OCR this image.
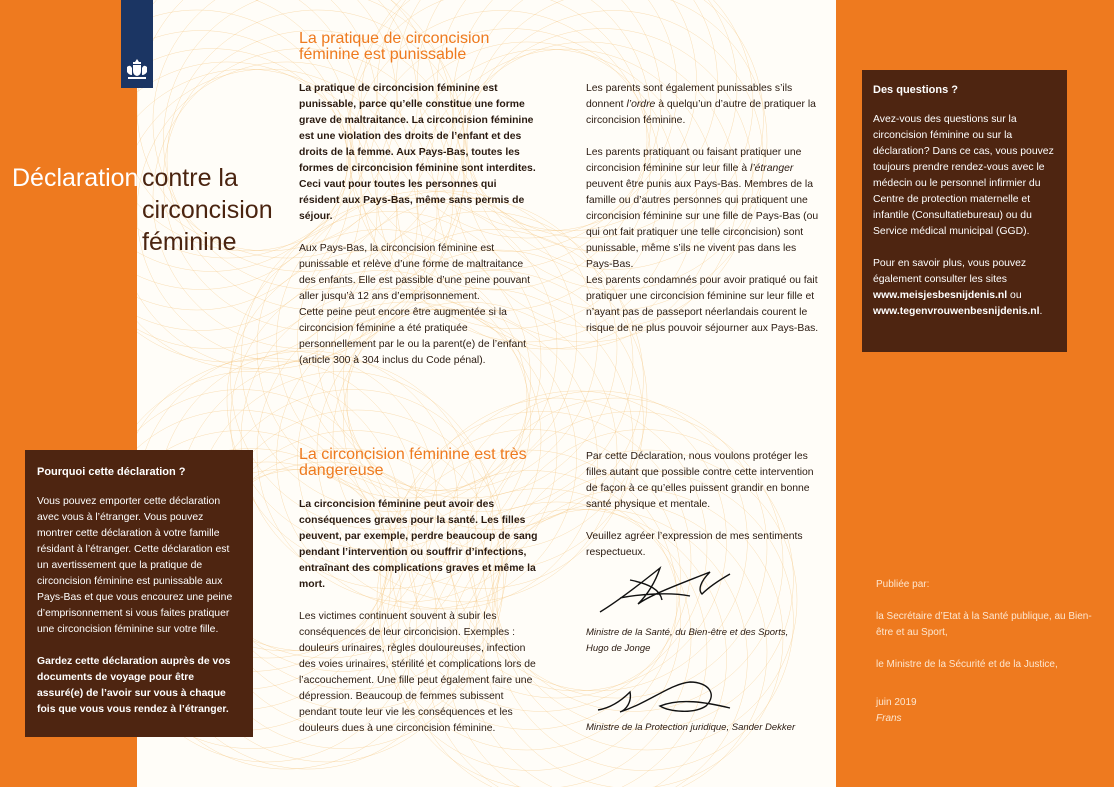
Déclaration contre la circoncision féminine
La pratique de circoncision féminine est punissable

La pratique de circoncision féminine est punissable, parce qu’elle constitue une forme grave de maltraitance. La circoncision féminine est une violation des droits de l’enfant et des droits de la femme. Aux Pays-Bas, toutes les formes de circoncision féminine sont interdites. Ceci vaut pour toutes les personnes qui résident aux Pays-Bas, même sans permis de séjour.

Aux Pays-Bas, la circoncision féminine est punissable et relève d’une forme de maltraitance des enfants. Elle est passible d’une peine pouvant aller jusqu’à 12 ans d’emprisonnement.

Cette peine peut encore être augmentée si la circoncision féminine a été pratiquée personnellement par le ou la parent(e) de l’enfant (article 300 à 304 inclus du Code pénal).

Les parents sont également punissables s’ils donnent l’ordre à quelqu’un d’autre de pratiquer la circoncision féminine.

Les parents pratiquant ou faisant pratiquer une circoncision féminine sur leur fille à l’étranger peuvent être punis aux Pays-Bas. Membres de la famille ou d’autres personnes qui pratiquent une circoncision féminine sur une fille de Pays-Bas (ou qui ont fait pratiquer une telle circoncision) sont punissable, même s’ils ne vivent pas dans les Pays-Bas.

Les parents condamnés pour avoir pratiqué ou fait pratiquer une circoncision féminine sur leur fille et n’ayant pas de passeport néerlandais courent le risque de ne plus pouvoir séjourner aux Pays-Bas.

La circoncision féminine est très dangereuse

La circoncision féminine peut avoir des conséquences graves pour la santé. Les filles peuvent, par exemple, perdre beaucoup de sang pendant l’intervention ou souffrir d’infections, entraînant des complications graves et même la mort.

Les victimes continuent souvent à subir les conséquences de leur circoncision. Exemples : douleurs urinaires, règles douloureuses, infection des voies urinaires, stérilité et complications lors de l’accouchement. Une fille peut également faire une dépression. Beaucoup de femmes subissent pendant toute leur vie les conséquences et les douleurs dues à une circoncision féminine.

Par cette Déclaration, nous voulons protéger les filles autant que possible contre cette intervention de façon à ce qu’elles puissent grandir en bonne santé physique et mentale.

Veuillez agréer l’expression de mes sentiments respectueux.

Ministre de la Santé, du Bien-être et des Sports,
Hugo de Jonge
Ministre de la Protection juridique, Sander Dekker
Pourquoi cette déclaration ?

Vous pouvez emporter cette déclaration avec vous à l’étranger. Vous pouvez montrer cette déclaration à votre famille résidant à l’étranger. Cette déclaration est un avertissement que la pratique de circoncision féminine est punissable aux Pays-Bas et que vous encourez une peine d’emprisonnement si vous faites pratiquer une circoncision féminine sur votre fille.

Gardez cette déclaration auprès de vos documents de voyage pour être assuré(e) de l’avoir sur vous à chaque fois que vous vous rendez à l’étranger.

Des questions ?

Avez-vous des questions sur la circoncision féminine ou sur la déclaration? Dans ce cas, vous pouvez toujours prendre rendez-vous avec le médecin ou le personnel infirmier du Centre de protection maternelle et infantile (Consultatiebureau) ou du Service médical municipal (GGD).

Pour en savoir plus, vous pouvez également consulter les sites
www.meisjesbesnijdenis.nl ou
www.tegenvrouwenbesnijdenis.nl.

Publiée par:

la Secrétaire d’Etat à la Santé publique, au Bien-être et au Sport,

le Ministre de la Sécurité et de la Justice,

juin 2019
Frans
